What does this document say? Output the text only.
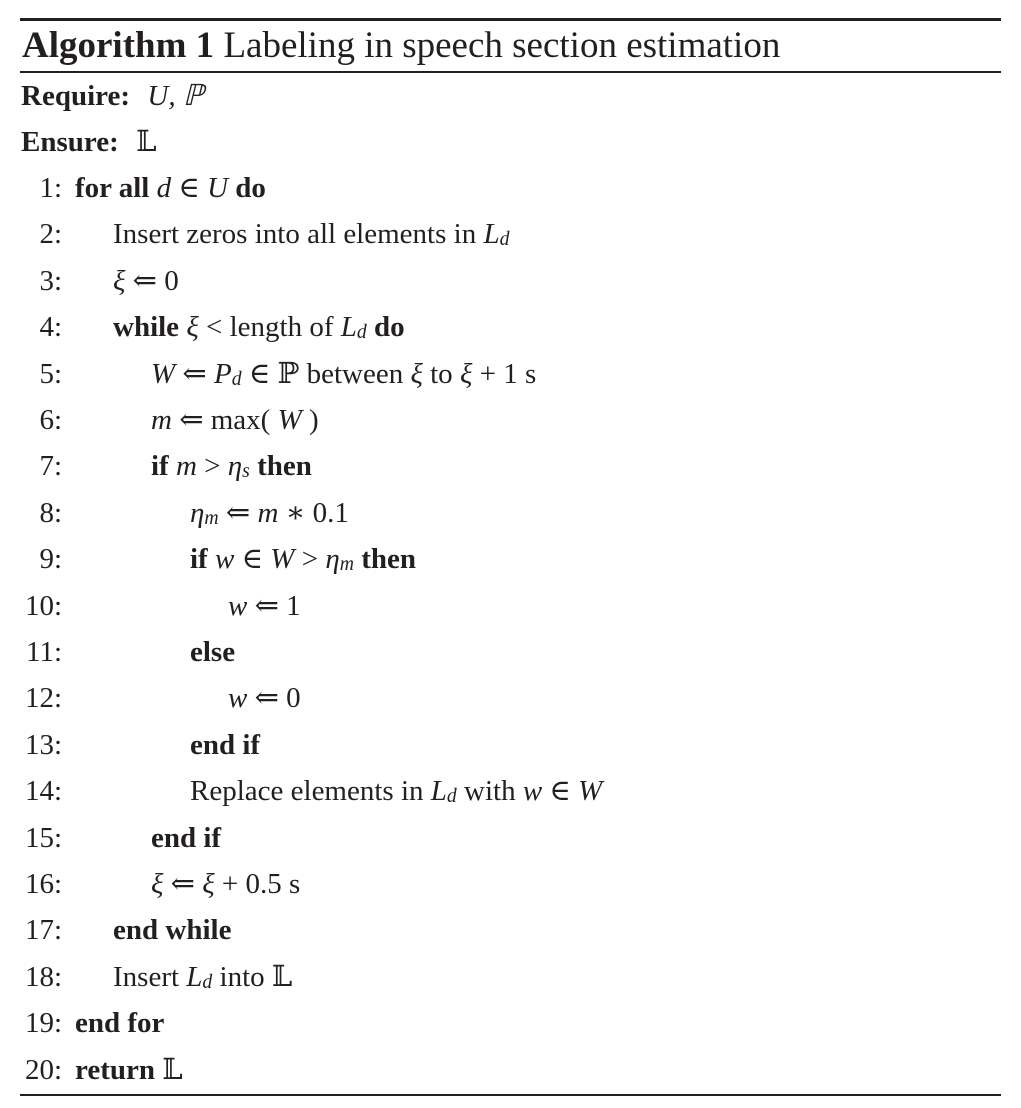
Algorithm 1 Labeling in speech section estimation
Require: U, ℙ
Ensure: 𝕃
1: for all d ∈ U do
2: Insert zeros into all elements in $L_d$
3: ξ ⇐ 0
4: while ξ < length of $L_d$ do
5:	W ⇐ $P_d$ ∈ ℙ between ξ to ξ + 1 s
6:	m ⇐ max( W )
7:	if $m > \eta_s$ then
8:	$\eta_m$ ⇐ m ∗ 0.1
9:	if w ∈ $W > \eta_m$ then
10:	w ⇐ 1
11:	else
12:	w ⇐ 0
13:	end if
14:	Replace elements in $L_d$ with w ∈ W
15:	end if
16:	ξ ⇐ ξ + 0.5 s
17: end while
18: Insert $L_d$ into 𝕃
19: end for
20: return 𝕃
